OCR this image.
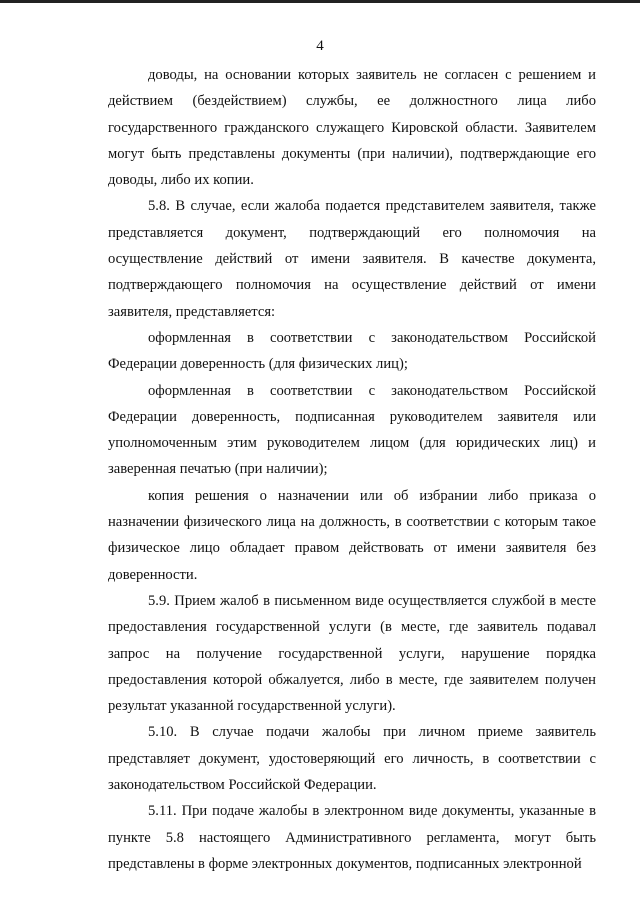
4

доводы, на основании которых заявитель не согласен с решением и действием (бездействием) службы, ее должностного лица либо государственного гражданского служащего Кировской области. Заявителем могут быть представлены документы (при наличии), подтверждающие его доводы, либо их копии.

5.8. В случае, если жалоба подается представителем заявителя, также представляется документ, подтверждающий его полномочия на осуществление действий от имени заявителя. В качестве документа, подтверждающего полномочия на осуществление действий от имени заявителя, представляется:

оформленная в соответствии с законодательством Российской Федерации доверенность (для физических лиц);

оформленная в соответствии с законодательством Российской Федерации доверенность, подписанная руководителем заявителя или уполномоченным этим руководителем лицом (для юридических лиц) и заверенная печатью (при наличии);

копия решения о назначении или об избрании либо приказа о назначении физического лица на должность, в соответствии с которым такое физическое лицо обладает правом действовать от имени заявителя без доверенности.

5.9. Прием жалоб в письменном виде осуществляется службой в месте предоставления государственной услуги (в месте, где заявитель подавал запрос на получение государственной услуги, нарушение порядка предоставления которой обжалуется, либо в месте, где заявителем получен результат указанной государственной услуги).

5.10. В случае подачи жалобы при личном приеме заявитель представляет документ, удостоверяющий его личность, в соответствии с законодательством Российской Федерации.

5.11. При подаче жалобы в электронном виде документы, указанные в пункте 5.8 настоящего Административного регламента, могут быть представлены в форме электронных документов, подписанных электронной
